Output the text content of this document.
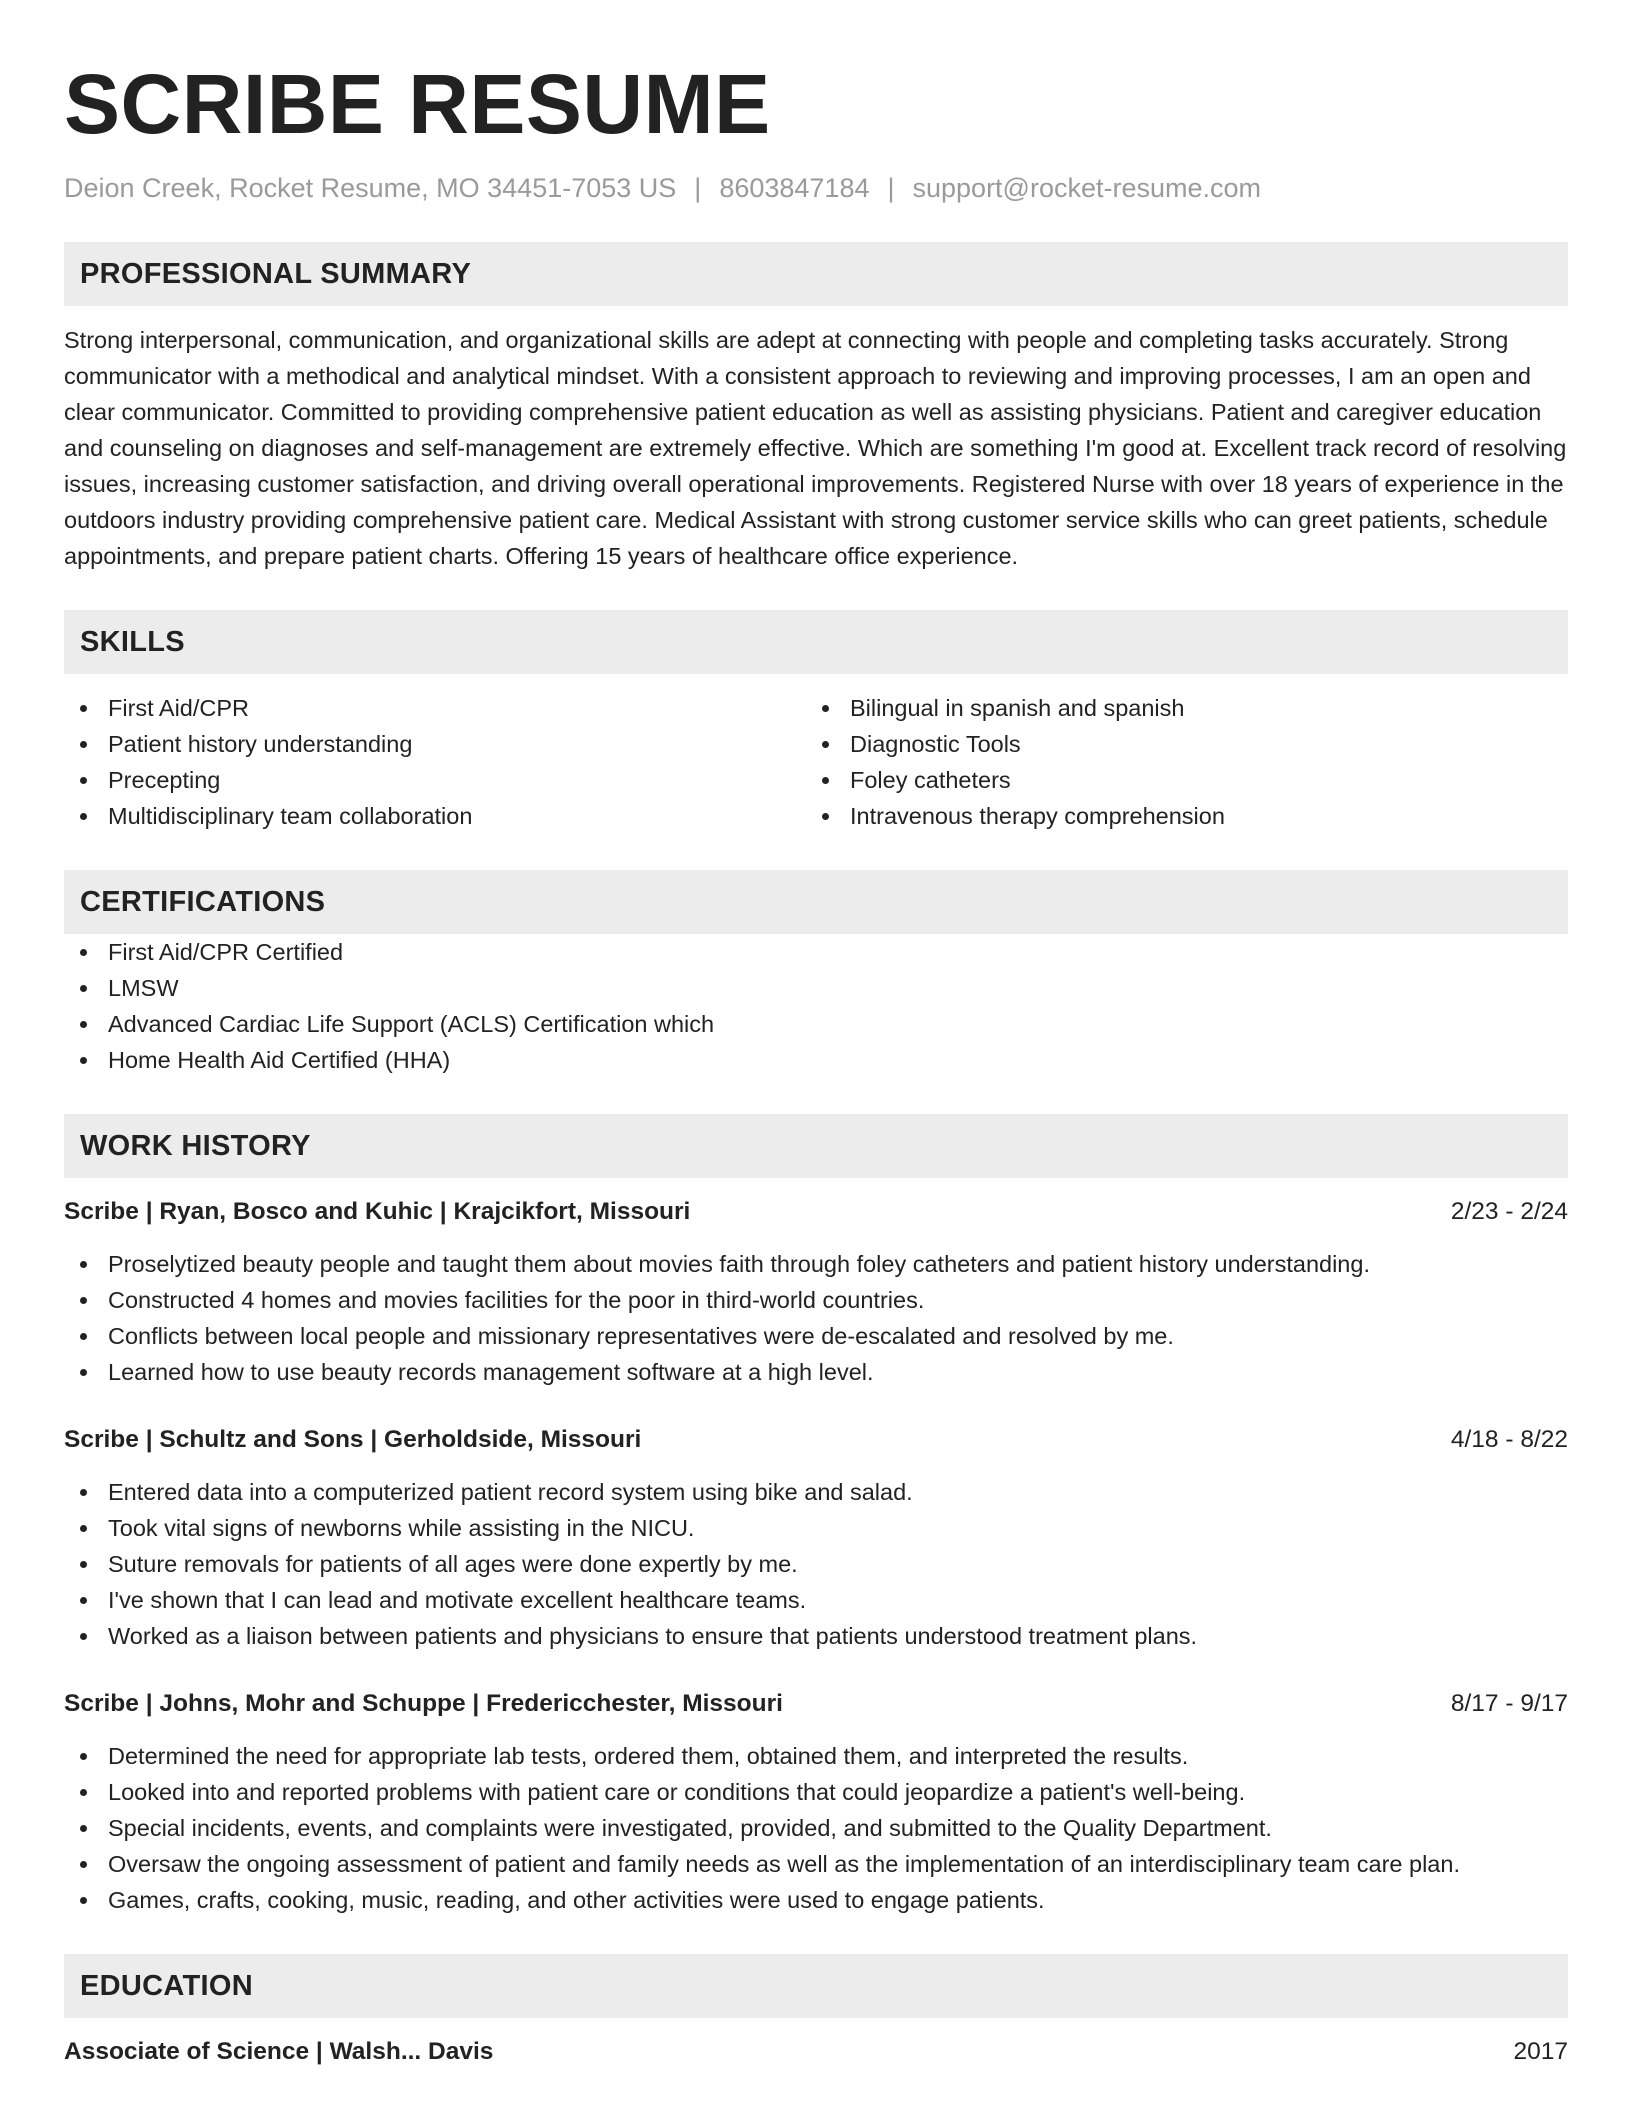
SCRIBE RESUME
Deion Creek, Rocket Resume, MO 34451-7053 US | 8603847184 | support@rocket-resume.com
PROFESSIONAL SUMMARY

Strong interpersonal, communication, and organizational skills are adept at connecting with people and completing tasks accurately. Strong communicator with a methodical and analytical mindset. With a consistent approach to reviewing and improving processes, I am an open and clear communicator. Committed to providing comprehensive patient education as well as assisting physicians. Patient and caregiver education and counseling on diagnoses and self-management are extremely effective. Which are something I'm good at. Excellent track record of resolving issues, increasing customer satisfaction, and driving overall operational improvements. Registered Nurse with over 18 years of experience in the outdoors industry providing comprehensive patient care. Medical Assistant with strong customer service skills who can greet patients, schedule appointments, and prepare patient charts. Offering 15 years of healthcare office experience.

SKILLS
First Aid/CPR
Patient history understanding
Precepting
Multidisciplinary team collaboration
Bilingual in spanish and spanish
Diagnostic Tools
Foley catheters
Intravenous therapy comprehension
CERTIFICATIONS
First Aid/CPR Certified
LMSW
Advanced Cardiac Life Support (ACLS) Certification which
Home Health Aid Certified (HHA)
WORK HISTORY
Scribe | Ryan, Bosco and Kuhic | Krajcikfort, Missouri	2/23 - 2/24
Proselytized beauty people and taught them about movies faith through foley catheters and patient history understanding.
Constructed 4 homes and movies facilities for the poor in third-world countries.
Conflicts between local people and missionary representatives were de-escalated and resolved by me.
Learned how to use beauty records management software at a high level.
Scribe | Schultz and Sons | Gerholdside, Missouri	4/18 - 8/22
Entered data into a computerized patient record system using bike and salad.
Took vital signs of newborns while assisting in the NICU.
Suture removals for patients of all ages were done expertly by me.
I've shown that I can lead and motivate excellent healthcare teams.
Worked as a liaison between patients and physicians to ensure that patients understood treatment plans.
Scribe | Johns, Mohr and Schuppe | Fredericchester, Missouri	8/17 - 9/17
Determined the need for appropriate lab tests, ordered them, obtained them, and interpreted the results.
Looked into and reported problems with patient care or conditions that could jeopardize a patient's well-being.
Special incidents, events, and complaints were investigated, provided, and submitted to the Quality Department.
Oversaw the ongoing assessment of patient and family needs as well as the implementation of an interdisciplinary team care plan.
Games, crafts, cooking, music, reading, and other activities were used to engage patients.
EDUCATION
Associate of Science | Walsh... Davis	2017
